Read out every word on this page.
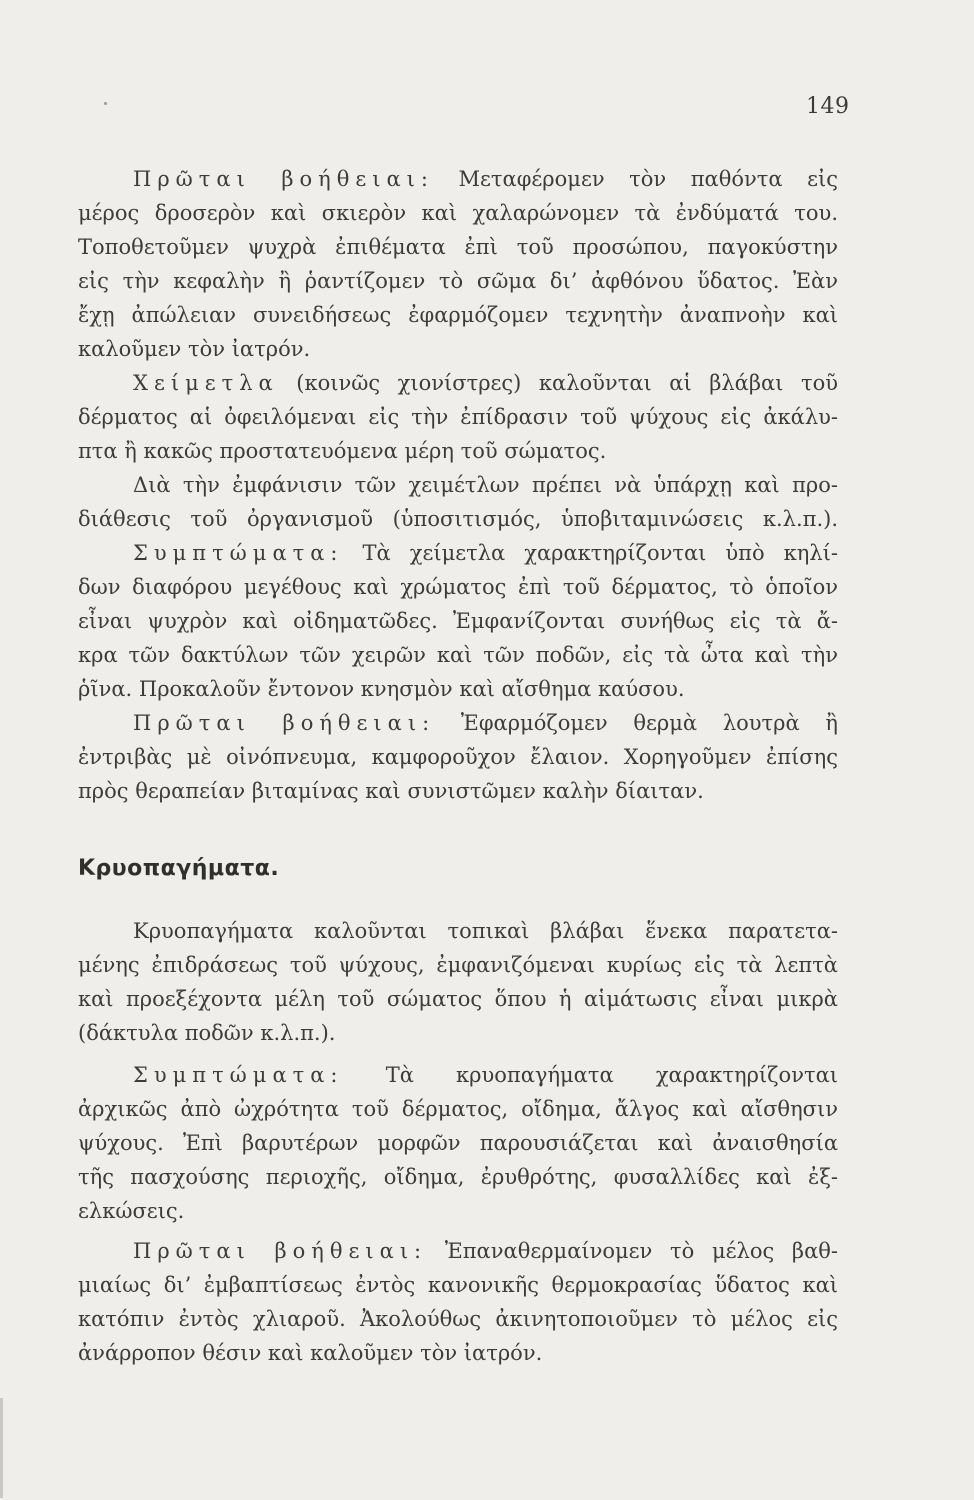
149
Πρῶται βοήθειαι: Μεταφέρομεν τὸν παθόντα εἰς
μέρος δροσερὸν καὶ σκιερὸν καὶ χαλαρώνομεν τὰ ἐνδύματά του.
Τοποθετοῦμεν ψυχρὰ ἐπιθέματα ἐπὶ τοῦ προσώπου, παγοκύστην
εἰς τὴν κεφαλὴν ἢ ῥαντίζομεν τὸ σῶμα δι’ ἀφθόνου ὕδατος. Ἐὰν
ἔχῃ ἀπώλειαν συνειδήσεως ἐφαρμόζομεν τεχνητὴν ἀναπνοὴν καὶ
καλοῦμεν τὸν ἰατρόν.
Χείμετλα (κοινῶς χιονίστρες) καλοῦνται αἱ βλάβαι τοῦ
δέρματος αἱ ὀφειλόμεναι εἰς τὴν ἐπίδρασιν τοῦ ψύχους εἰς ἀκάλυ-
πτα ἢ κακῶς προστατευόμενα μέρη τοῦ σώματος.
Διὰ τὴν ἐμφάνισιν τῶν χειμέτλων πρέπει νὰ ὑπάρχῃ καὶ προ-
διάθεσις τοῦ ὀργανισμοῦ (ὑποσιτισμός, ὑποβιταμινώσεις κ.λ.π.).
Συμπτώματα: Τὰ χείμετλα χαρακτηρίζονται ὑπὸ κηλί-
δων διαφόρου μεγέθους καὶ χρώματος ἐπὶ τοῦ δέρματος, τὸ ὁποῖον
εἶναι ψυχρὸν καὶ οἰδηματῶδες. Ἐμφανίζονται συνήθως εἰς τὰ ἄ-
κρα τῶν δακτύλων τῶν χειρῶν καὶ τῶν ποδῶν, εἰς τὰ ὦτα καὶ τὴν
ῥῖνα. Προκαλοῦν ἔντονον κνησμὸν καὶ αἴσθημα καύσου.
Πρῶται βοήθειαι: Ἐφαρμόζομεν θερμὰ λουτρὰ ἢ
ἐντριβὰς μὲ οἰνόπνευμα, καμφοροῦχον ἔλαιον. Χορηγοῦμεν ἐπίσης
πρὸς θεραπείαν βιταμίνας καὶ συνιστῶμεν καλὴν δίαιταν.
Κρυοπαγήματα.
Κρυοπαγήματα καλοῦνται τοπικαὶ βλάβαι ἕνεκα παρατετα-
μένης ἐπιδράσεως τοῦ ψύχους, ἐμφανιζόμεναι κυρίως εἰς τὰ λεπτὰ
καὶ προεξέχοντα μέλη τοῦ σώματος ὅπου ἡ αἱμάτωσις εἶναι μικρὰ
(δάκτυλα ποδῶν κ.λ.π.).
Συμπτώματα: Τὰ κρυοπαγήματα χαρακτηρίζονται
ἀρχικῶς ἀπὸ ὠχρότητα τοῦ δέρματος, οἴδημα, ἄλγος καὶ αἴσθησιν
ψύχους. Ἐπὶ βαρυτέρων μορφῶν παρουσιάζεται καὶ ἀναισθησία
τῆς πασχούσης περιοχῆς, οἴδημα, ἐρυθρότης, φυσαλλίδες καὶ ἐξ-
ελκώσεις.
Πρῶται βοήθειαι: Ἐπαναθερμαίνομεν τὸ μέλος βαθ-
μιαίως δι’ ἐμβαπτίσεως ἐντὸς κανονικῆς θερμοκρασίας ὕδατος καὶ
κατόπιν ἐντὸς χλιαροῦ. Ἀκολούθως ἀκινητοποιοῦμεν τὸ μέλος εἰς
ἀνάρροπον θέσιν καὶ καλοῦμεν τὸν ἰατρόν.
